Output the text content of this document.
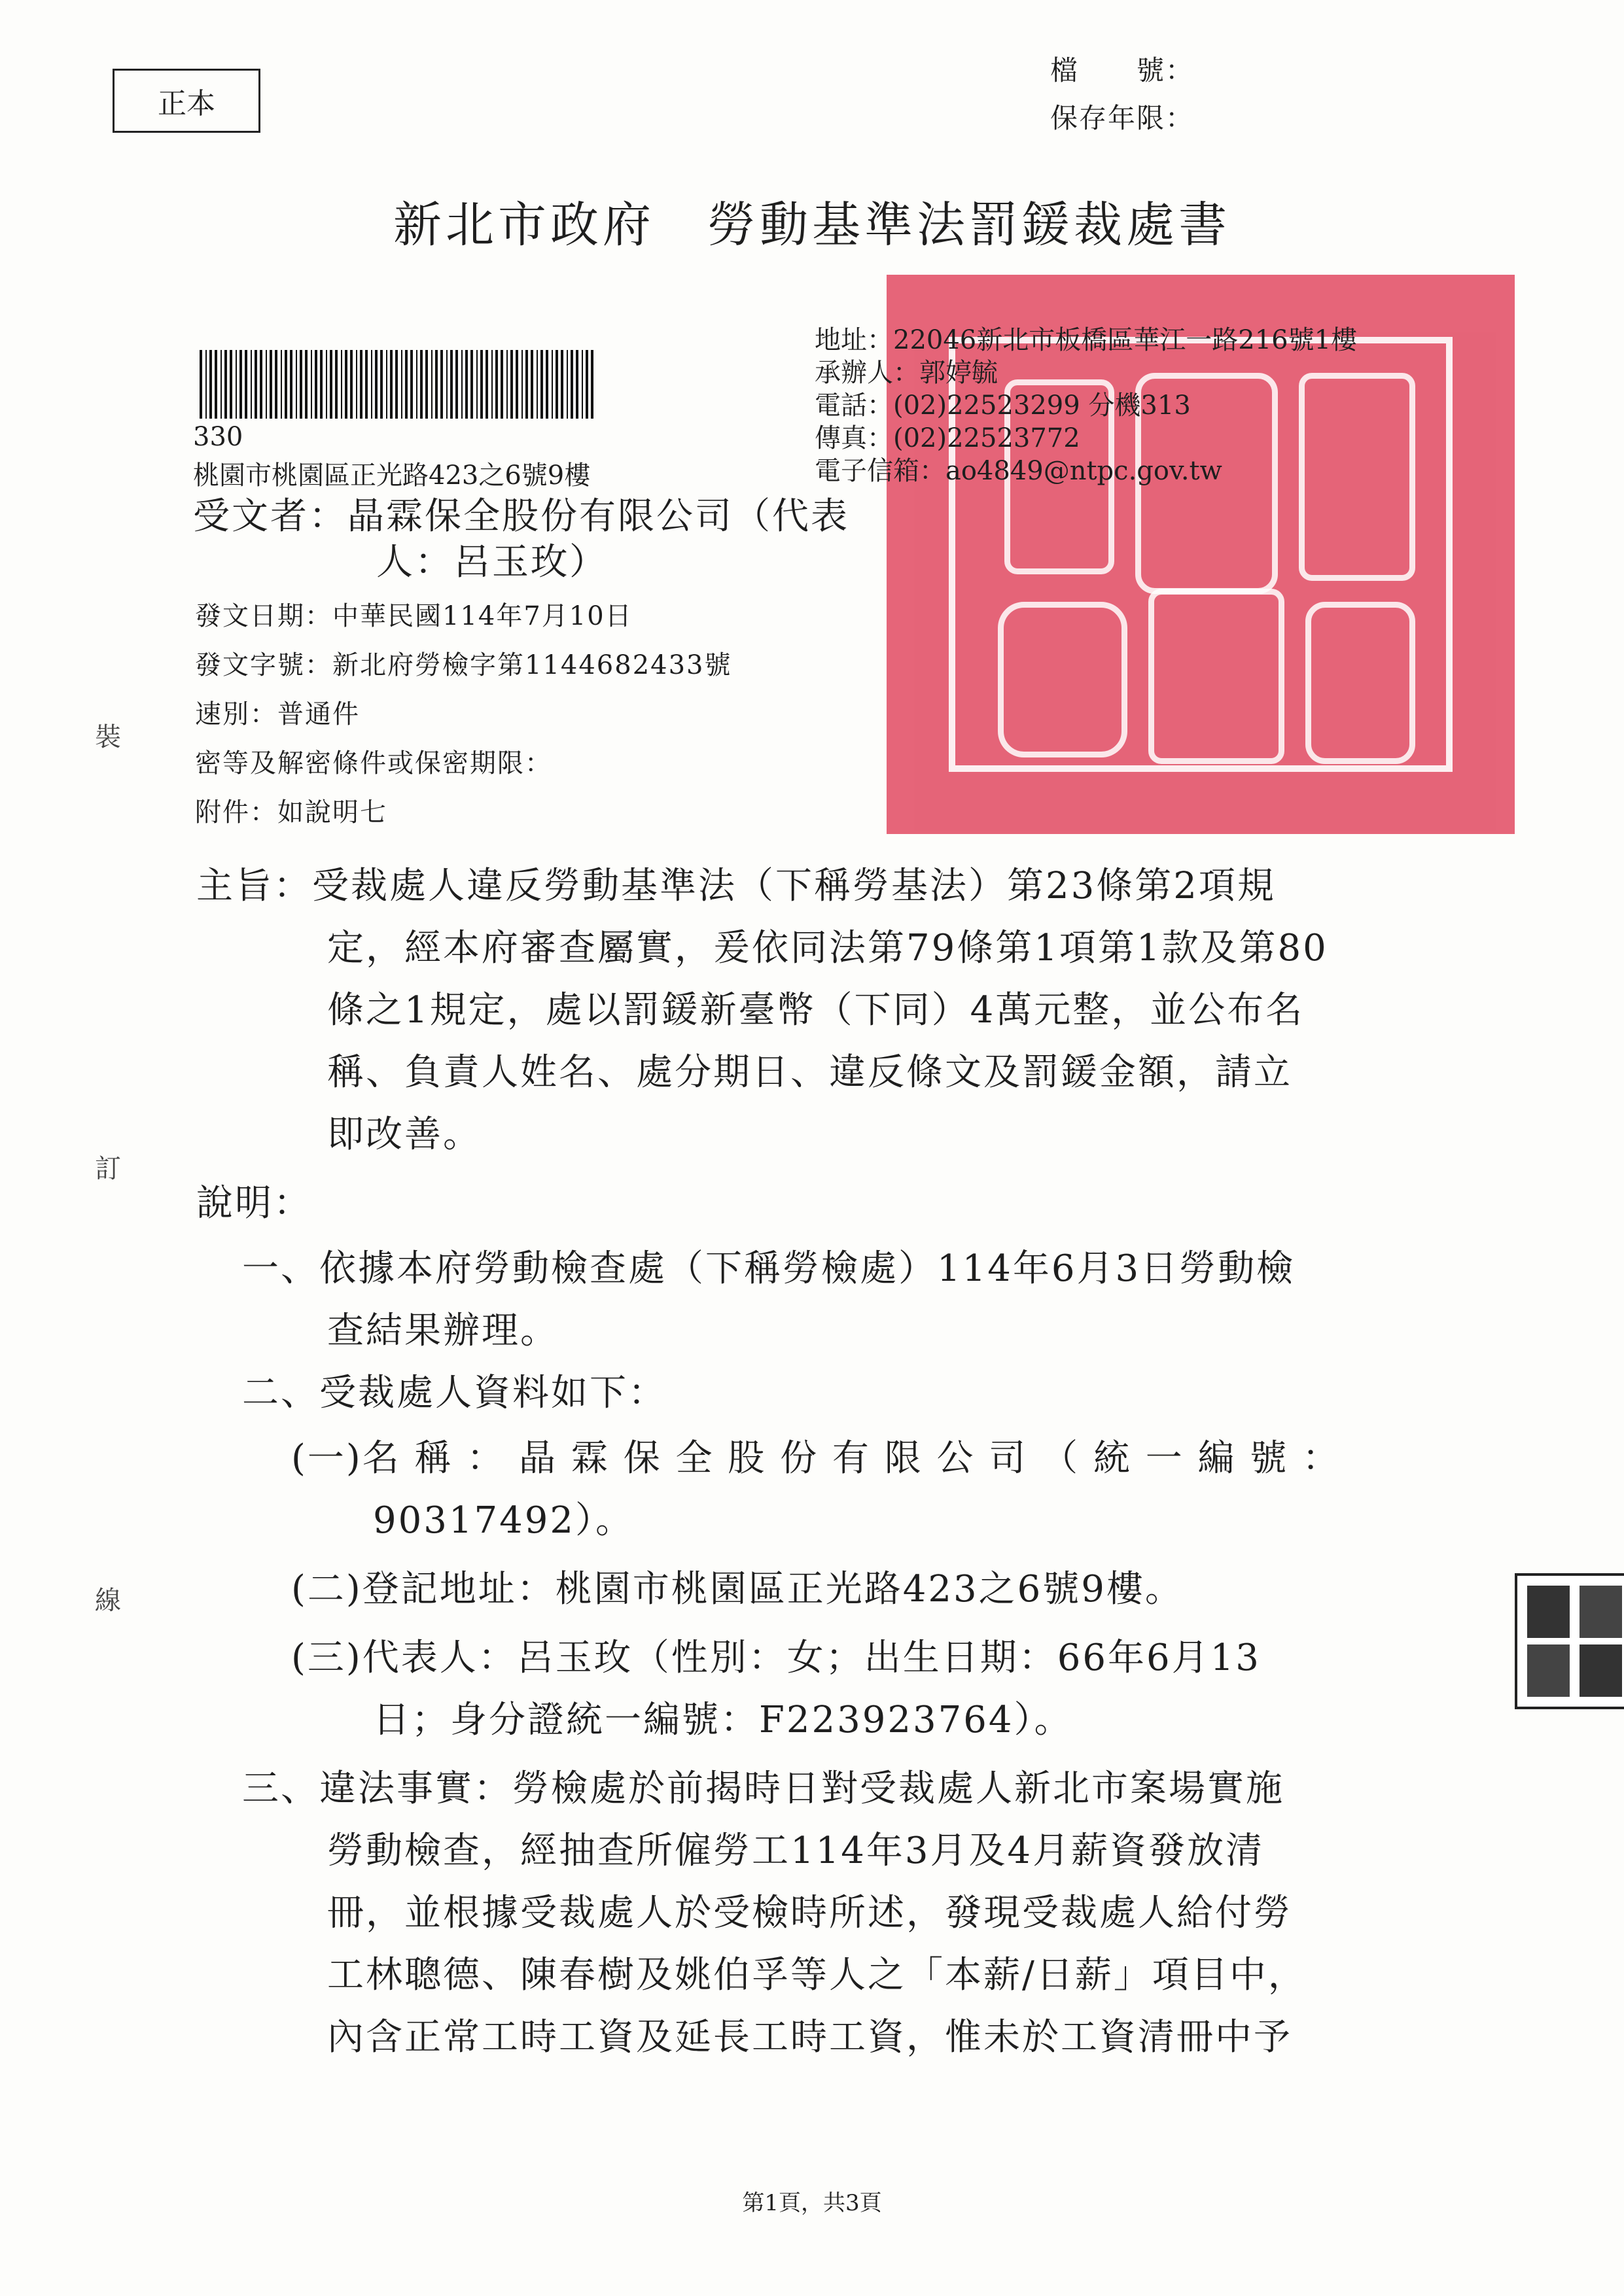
正本
檔　　號：
保存年限：
新北市政府　勞動基準法罰鍰裁處書
地址：22046新北市板橋區華江一路216號1樓
承辦人：郭婷毓
電話：(02)22523299 分機313
傳真：(02)22523772
電子信箱：ao4849@ntpc.gov.tw
330
桃園市桃園區正光路423之6號9樓
受文者：晶霖保全股份有限公司（代表
人：呂玉玫）
發文日期：中華民國114年7月10日
發文字號：新北府勞檢字第1144682433號
速別：普通件
密等及解密條件或保密期限：
附件：如說明七
主旨：受裁處人違反勞動基準法（下稱勞基法）第23條第2項規
定，經本府審查屬實，爰依同法第79條第1項第1款及第80
條之1規定，處以罰鍰新臺幣（下同）4萬元整，並公布名
稱、負責人姓名、處分期日、違反條文及罰鍰金額，請立
即改善。
說明：
一、依據本府勞動檢查處（下稱勞檢處）114年6月3日勞動檢
查結果辦理。
二、受裁處人資料如下：
(一)名 稱 ： 晶 霖 保 全 股 份 有 限 公 司 （ 統 一 編 號 ：
90317492）。
(二)登記地址：桃園市桃園區正光路423之6號9樓。
(三)代表人：呂玉玫（性別：女；出生日期：66年6月13
日；身分證統一編號：F223923764）。
三、違法事實：勞檢處於前揭時日對受裁處人新北市案場實施
勞動檢查，經抽查所僱勞工114年3月及4月薪資發放清
冊，並根據受裁處人於受檢時所述，發現受裁處人給付勞
工林聰德、陳春樹及姚伯孚等人之「本薪/日薪」項目中，
內含正常工時工資及延長工時工資，惟未於工資清冊中予
裝
訂
線
第1頁，共3頁
